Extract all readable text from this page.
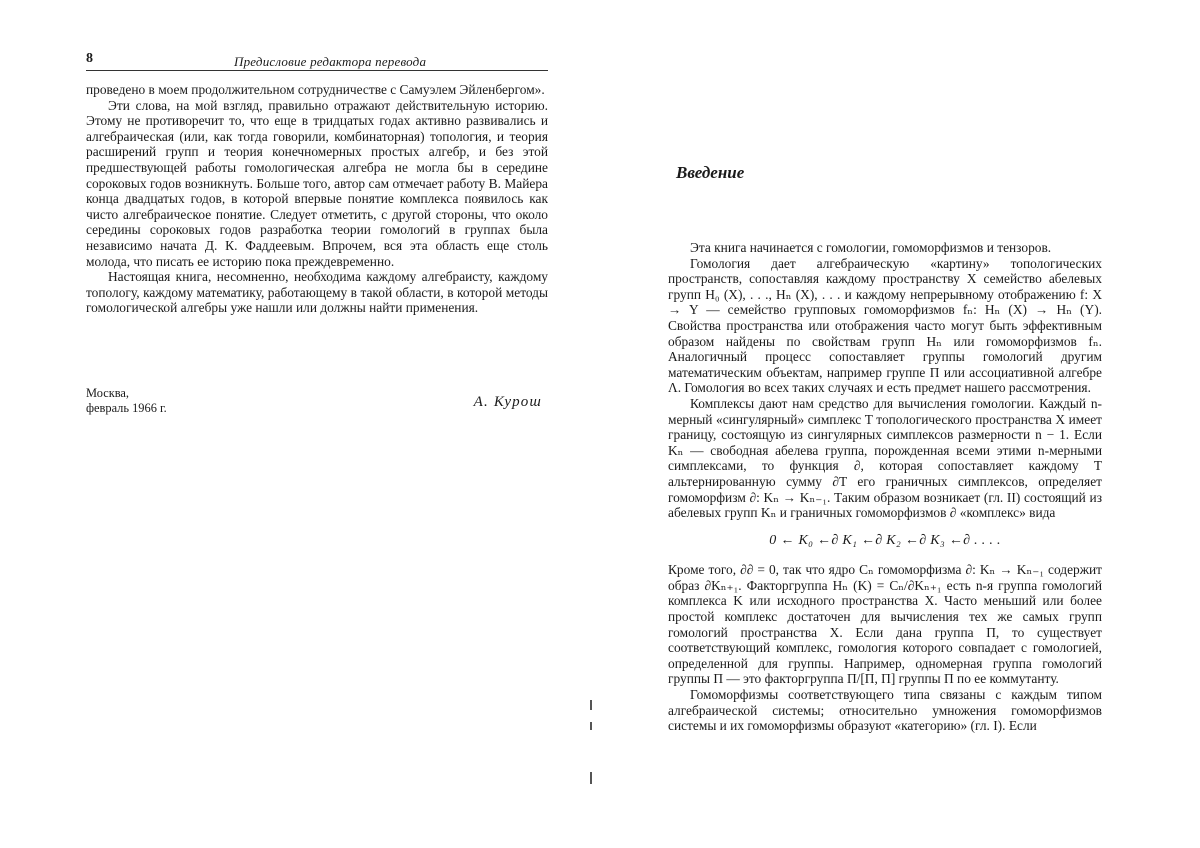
8	Предисловие редактора перевода

проведено в моем продолжительном сотрудничестве с Самуэлем Эйленбергом».

Эти слова, на мой взгляд, правильно отражают действительную историю. Этому не противоречит то, что еще в тридцатых годах активно развивались и алгебраическая (или, как тогда говорили, комбинаторная) топология, и теория расширений групп и теория конечномерных простых алгебр, и без этой предшествующей работы гомологическая алгебра не могла бы в середине сороковых годов возникнуть. Больше того, автор сам отмечает работу В. Майера конца двадцатых годов, в которой впервые понятие комплекса появилось как чисто алгебраическое понятие. Следует отметить, с другой стороны, что около середины сороковых годов разработка теории гомологий в группах была независимо начата Д. К. Фаддеевым. Впрочем, вся эта область еще столь молода, что писать ее историю пока преждевременно.

Настоящая книга, несомненно, необходима каждому алгебраисту, каждому топологу, каждому математику, работающему в такой области, в которой методы гомологической алгебры уже нашли или должны найти применения.

Москва,
февраль 1966 г.	А. Курош
Введение

Эта книга начинается с гомологии, гомоморфизмов и тензоров.

Гомология дает алгебраическую «картину» топологических пространств, сопоставляя каждому пространству X семейство абелевых групп H₀ (X), . . ., Hₙ (X), . . . и каждому непрерывному отображению f: X → Y — семейство групповых гомоморфизмов fₙ: Hₙ (X) → Hₙ (Y). Свойства пространства или отображения часто могут быть эффективным образом найдены по свойствам групп Hₙ или гомоморфизмов fₙ. Аналогичный процесс сопоставляет группы гомологий другим математическим объектам, например группе Π или ассоциативной алгебре Λ. Гомология во всех таких случаях и есть предмет нашего рассмотрения.

Комплексы дают нам средство для вычисления гомологии. Каждый n-мерный «сингулярный» симплекс T топологического пространства X имеет границу, состоящую из сингулярных симплексов размерности n − 1. Если Kₙ — свободная абелева группа, порожденная всеми этими n-мерными симплексами, то функция ∂, которая сопоставляет каждому T альтернированную сумму ∂T его граничных симплексов, определяет гомоморфизм ∂: Kₙ → Kₙ₋₁. Таким образом возникает (гл. II) состоящий из абелевых групп Kₙ и граничных гомоморфизмов ∂ «комплекс» вида

0 ← K₀ ←∂ K₁ ←∂ K₂ ←∂ K₃ ←∂ . . . .

Кроме того, ∂∂ = 0, так что ядро Cₙ гомоморфизма ∂: Kₙ → Kₙ₋₁ содержит образ ∂Kₙ₊₁. Факторгруппа Hₙ (K) = Cₙ/∂Kₙ₊₁ есть n-я группа гомологий комплекса K или исходного пространства X. Часто меньший или более простой комплекс достаточен для вычисления тех же самых групп гомологий пространства X. Если дана группа Π, то существует соответствующий комплекс, гомология которого совпадает с гомологией, определенной для группы. Например, одномерная группа гомологий группы Π — это факторгруппа Π/[Π, Π] группы Π по ее коммутанту.

Гомоморфизмы соответствующего типа связаны с каждым типом алгебраической системы; относительно умножения гомоморфизмов системы и их гомоморфизмы образуют «категорию» (гл. I). Если
